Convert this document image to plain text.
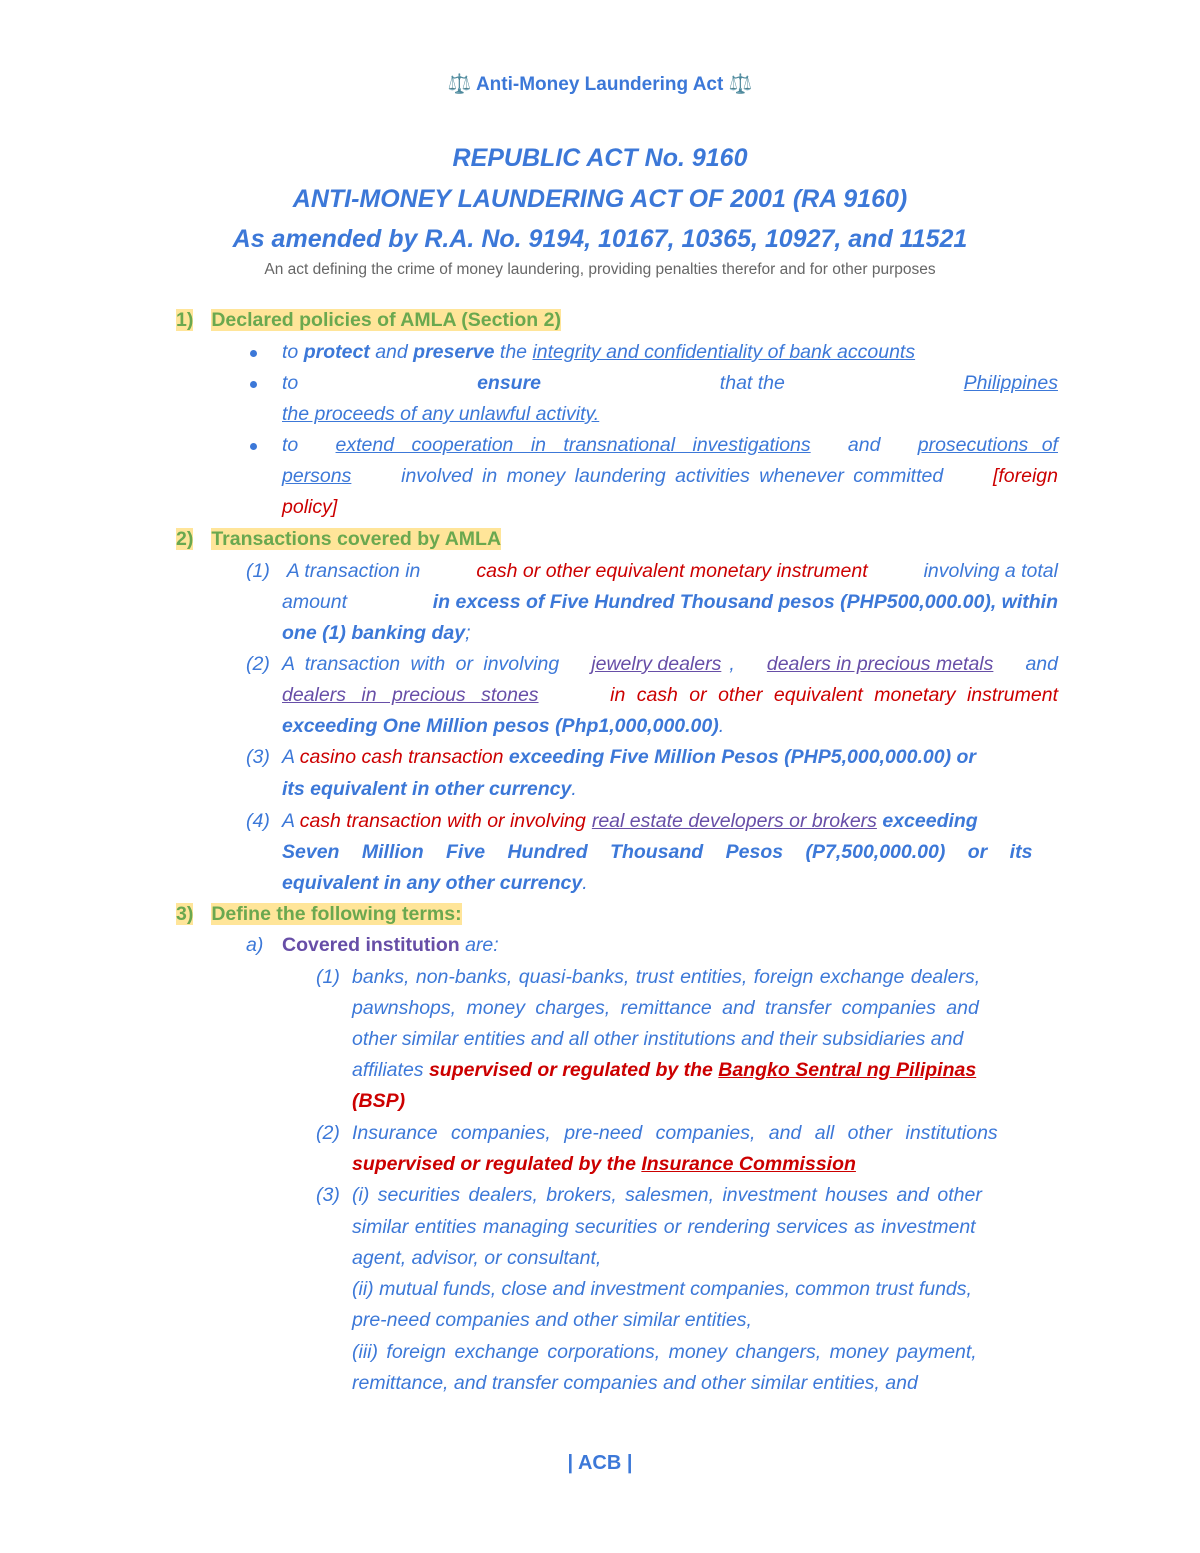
⚖️ Anti-Money Laundering Act ⚖️
REPUBLIC ACT No. 9160
ANTI-MONEY LAUNDERING ACT OF 2001 (RA 9160)
As amended by R.A. No. 9194, 10167, 10365, 10927, and 11521
An act defining the crime of money laundering, providing penalties therefor and for other purposes
1) Declared policies of AMLA (Section 2)
to protect and preserve the integrity and confidentiality of bank accounts
to	ensure	that the	Philippines
the proceeds of any unlawful activity.
to extend cooperation in transnational investigations and prosecutions of
persons	involved in money laundering activities whenever committed	[foreign
policy]
2) Transactions covered by AMLA
(1) A transaction in	cash or other equivalent monetary instrument	involving a total
amount	in excess of Five Hundred Thousand pesos (PHP500,000.00), within
one (1) banking day;
(2) A transaction with or involving jewelry dealers , dealers in precious metals and
dealers in precious stones	in cash or other equivalent monetary instrument
exceeding One Million pesos (Php1,000,000.00).
(3) A casino cash transaction exceeding Five Million Pesos (PHP5,000,000.00) or
its equivalent in other currency.
(4) A cash transaction with or involving real estate developers or brokers exceeding
Seven Million Five Hundred Thousand Pesos (P7,500,000.00) or its
equivalent in any other currency.
3) Define the following terms:
a) Covered institution are:
(1) banks, non-banks, quasi-banks, trust entities, foreign exchange dealers,
pawnshops, money charges, remittance and transfer companies and
other similar entities and all other institutions and their subsidiaries and
affiliates supervised or regulated by the Bangko Sentral ng Pilipinas
(BSP)
(2) Insurance companies, pre-need companies, and all other institutions
supervised or regulated by the Insurance Commission
(3) (i) securities dealers, brokers, salesmen, investment houses and other
similar entities managing securities or rendering services as investment
agent, advisor, or consultant,
(ii) mutual funds, close and investment companies, common trust funds,
pre-need companies and other similar entities,
(iii) foreign exchange corporations, money changers, money payment,
remittance, and transfer companies and other similar entities, and
| ACB |
